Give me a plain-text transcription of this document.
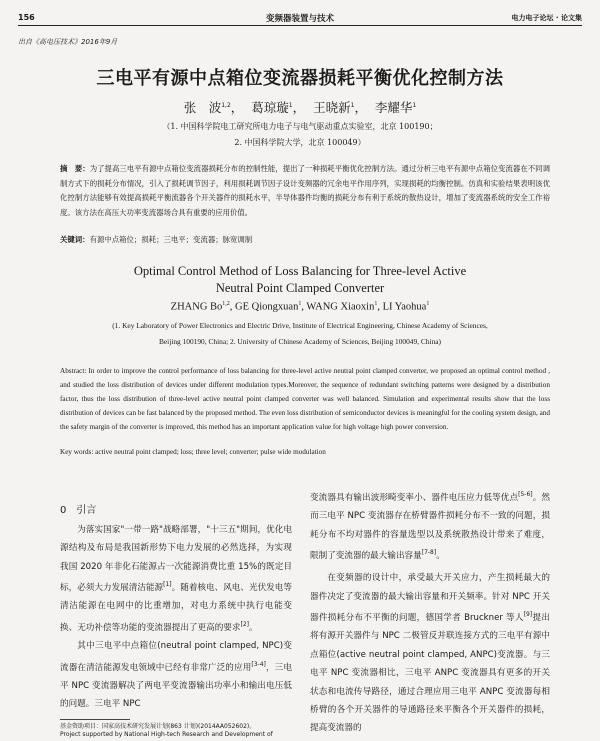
156	变频器装置与技术	电力电子论坛 · 论文集
出自《高电压技术》2016年9月
三电平有源中点箱位变流器损耗平衡优化控制方法
张　波$^{1,2}$， 葛琼璇$^1$， 王晓新$^1$， 李耀华$^1$
（1. 中国科学院电工研究所电力电子与电气驱动重点实验室，北京 100190；
2. 中国科学院大学，北京 100049）
摘　要：为了提高三电平有源中点箱位变流器损耗分布的控制性能，提出了一种损耗平衡优化控制方法。通过分析三电平有源中点箱位变流器在不同调制方式下的损耗分布情况，引入了损耗调节因子，利用损耗调节因子设计变频器的冗余电平作用序列，实现损耗的均衡控制。仿真和实验结果表明该优化控制方法能够有效提高损耗平衡流器各个开关器件的损耗水平，半导体器件均衡的损耗分布有利于系统的散热设计，增加了变流器系统的安全工作裕度。该方法在高压大功率变流器场合具有重要的应用价值。
关键词：有源中点箱位；损耗；三电平；变流器；脉宽调制
Optimal Control Method of Loss Balancing for Three-level Active
Neutral Point Clamped Converter
ZHANG Bo$^{1,2}$, GE Qiongxuan$^1$, WANG Xiaoxin$^1$, LI Yaohua$^1$
(1. Key Laboratory of Power Electronics and Electric Drive, Institute of Electrical Engineering, Chinese Academy of Sciences,
Beijing 100190, China; 2. University of Chinese Academy of Sciences, Beijing 100049, China)
Abstract: In order to improve the control performance of loss balancing for three-level active neutral point clamped converter, we proposed an optimal control method , and studied the loss distribution of devices under different modulation types.Moreover, the sequence of redundant switching patterns were designed by a distribution factor, thus the loss distribution of three-level active neutral point clamped converter was well balanced. Simulation and experimental results show that the loss distribution of devices can be fast balanced by the proposed method. The even loss distribution of semiconductor devices is meaningful for the cooling system design, and the safety margin of the converter is improved, this method has an important application value for high voltage high power conversion.
Key words: active neutral point clamped; loss; three level; converter; pulse wide modulation
0　引言

为落实国家"一带一路"战略部署，"十三五"期间，优化电源结构及布局是我国新形势下电力发展的必然选择，为实现我国 2020 年非化石能源占一次能源消费比重 15%的既定目标，必须大力发展清洁能源[1]。随着核电、风电、光伏发电等清洁能源在电网中的比重增加，对电力系统中执行电能变换、无功补偿等功能的变流器提出了更高的要求[2]。

其中三电平中点箱位(neutral point clamped, NPC)变流器在清洁能源发电领域中已经有非常广泛的应用[3-4]，三电平 NPC 变流器解决了两电平变流器输出功率小和输出电压低的问题。三电平 NPC

基金资助项目：国家高技术研究发展计划(863 计划)(2014AA052602)。
Project supported by National High-tech Research and Development of

变流器具有输出波形畸变率小、器件电压应力低等优点[5-6]。然而三电平 NPC 变流器存在桥臂器件损耗分布不一致的问题，损耗分布不均对器件的容量选型以及系统散热设计带来了难度，限制了变流器的最大输出容量[7-8]。

在变频器的设计中，承受最大开关应力，产生损耗最大的器件决定了变流器的最大输出容量和开关频率。针对 NPC 开关器件损耗分布不平衡的问题，德国学者 Bruckner 等人[9]提出将有源开关器件与 NPC 二极管反并联连接方式的三电平有源中点箱位(active neutral point clamped, ANPC)变流器。与三电平 NPC 变流器相比，三电平 ANPC 变流器具有更多的开关状态和电流传导路径，通过合理应用三电平 ANPC 变流器每相桥臂的各个开关器件的导通路径来平衡各个开关器件的损耗，提高变流器的
